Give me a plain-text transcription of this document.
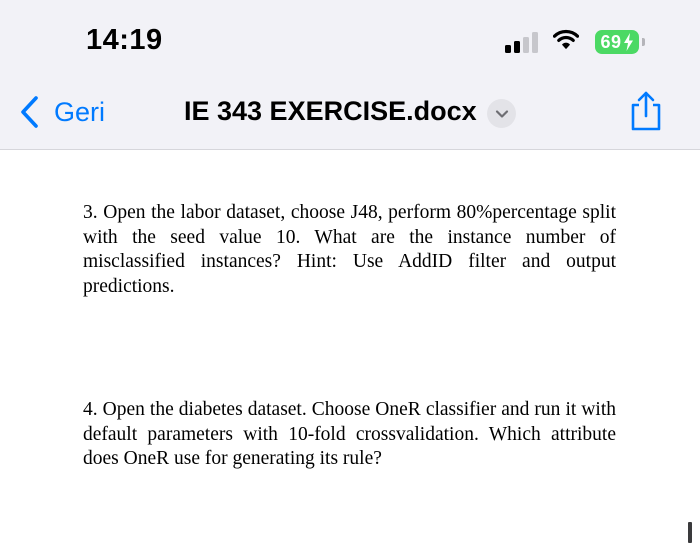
14:19	69
Geri	IE 343 EXERCISE.docx

3. Open the labor dataset, choose J48, perform 80%percentage split with the seed value 10. What are the instance number of misclassified instances? Hint: Use AddID filter and output predictions.

4. Open the diabetes dataset. Choose OneR classifier and run it with default parameters with 10-fold crossvalidation. Which attribute does OneR use for generating its rule?
